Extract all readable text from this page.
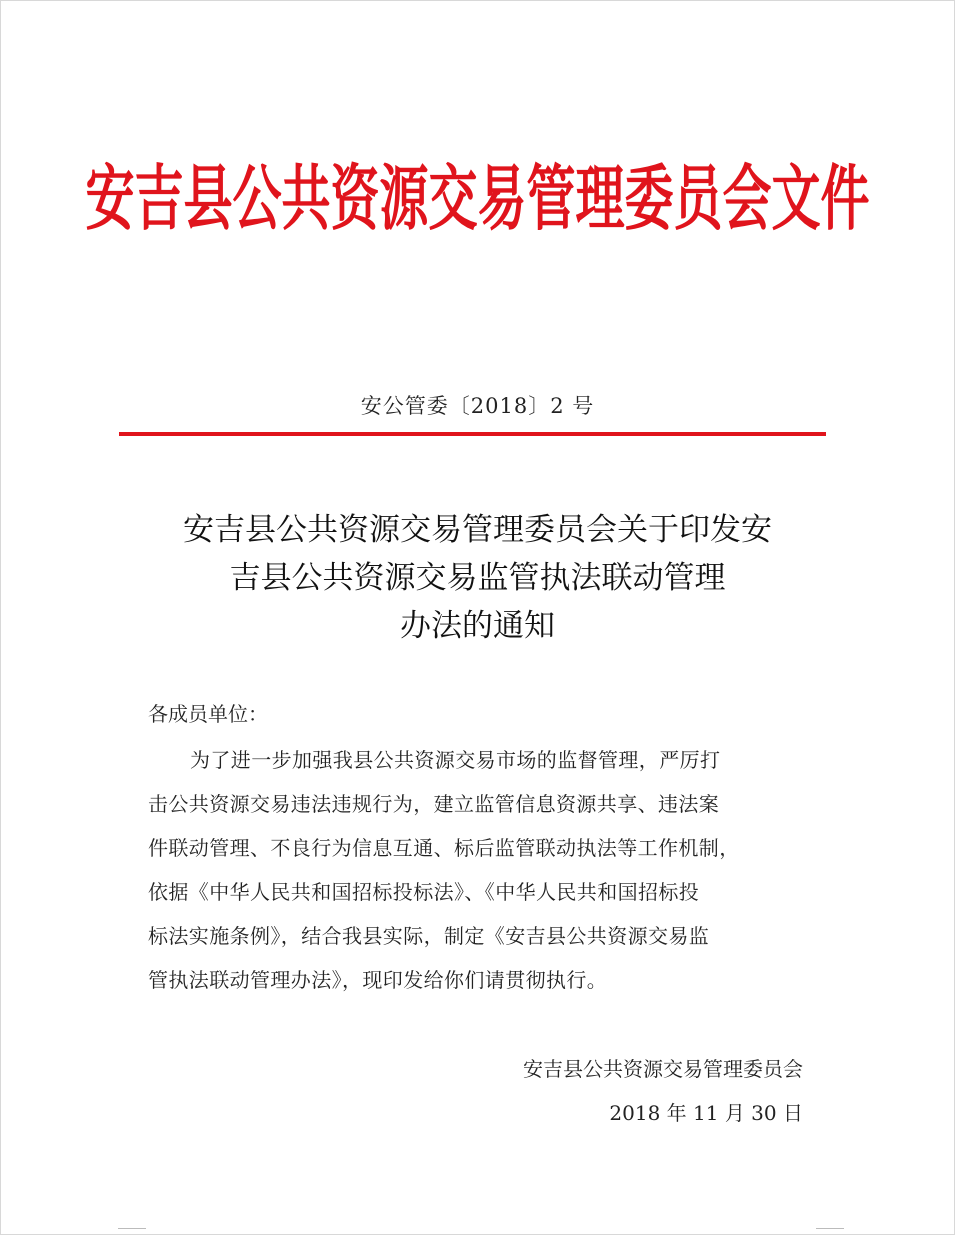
安吉县公共资源交易管理委员会文件
安公管委〔2018〕2 号
安吉县公共资源交易管理委员会关于印发安
吉县公共资源交易监管执法联动管理
办法的通知
各成员单位：
为了进一步加强我县公共资源交易市场的监督管理，严厉打
击公共资源交易违法违规行为，建立监管信息资源共享、违法案
件联动管理、不良行为信息互通、标后监管联动执法等工作机制，
依据《中华人民共和国招标投标法》、《中华人民共和国招标投
标法实施条例》，结合我县实际，制定《安吉县公共资源交易监
管执法联动管理办法》，现印发给你们请贯彻执行。
安吉县公共资源交易管理委员会
2018 年 11 月 30 日
